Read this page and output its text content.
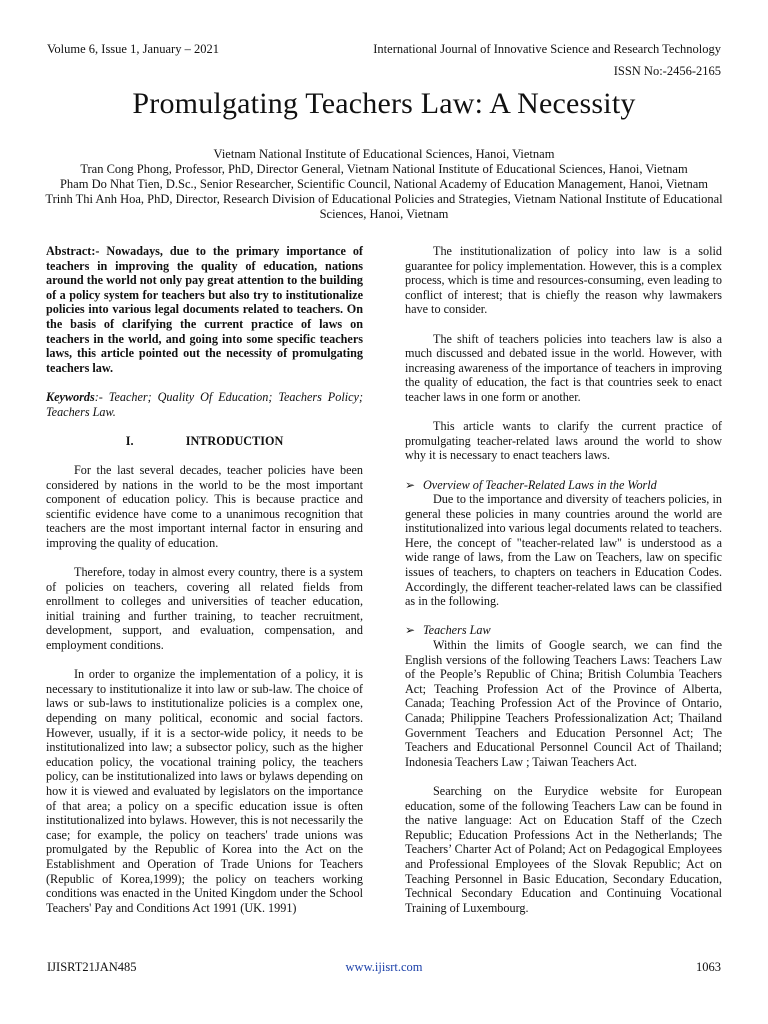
Volume 6, Issue 1, January – 2021	International Journal of Innovative Science and Research Technology
ISSN No:-2456-2165
Promulgating Teachers Law: A Necessity
Vietnam National Institute of Educational Sciences, Hanoi, Vietnam
Tran Cong Phong, Professor, PhD, Director General, Vietnam National Institute of Educational Sciences, Hanoi, Vietnam
Pham Do Nhat Tien, D.Sc., Senior Researcher, Scientific Council, National Academy of Education Management, Hanoi, Vietnam
Trinh Thi Anh Hoa, PhD, Director, Research Division of Educational Policies and Strategies, Vietnam National Institute of Educational Sciences, Hanoi, Vietnam

Abstract:- Nowadays, due to the primary importance of teachers in improving the quality of education, nations around the world not only pay great attention to the building of a policy system for teachers but also try to institutionalize policies into various legal documents related to teachers. On the basis of clarifying the current practice of laws on teachers in the world, and going into some specific teachers laws, this article pointed out the necessity of promulgating teachers law.

Keywords:- Teacher; Quality Of Education; Teachers Policy; Teachers Law.

I.	INTRODUCTION

For the last several decades, teacher policies have been considered by nations in the world to be the most important component of education policy. This is because practice and scientific evidence have come to a unanimous recognition that teachers are the most important internal factor in ensuring and improving the quality of education.

Therefore, today in almost every country, there is a system of policies on teachers, covering all related fields from enrollment to colleges and universities of teacher education, initial training and further training, to teacher recruitment, development, support, and evaluation, compensation, and employment conditions.

In order to organize the implementation of a policy, it is necessary to institutionalize it into law or sub-law. The choice of laws or sub-laws to institutionalize policies is a complex one, depending on many political, economic and social factors. However, usually, if it is a sector-wide policy, it needs to be institutionalized into law; a subsector policy, such as the higher education policy, the vocational training policy, the teachers policy, can be institutionalized into laws or bylaws depending on how it is viewed and evaluated by legislators on the importance of that area; a policy on a specific education issue is often institutionalized into bylaws. However, this is not necessarily the case; for example, the policy on teachers' trade unions was promulgated by the Republic of Korea into the Act on the Establishment and Operation of Trade Unions for Teachers (Republic of Korea,1999); the policy on teachers working conditions was enacted in the United Kingdom under the School Teachers' Pay and Conditions Act 1991 (UK. 1991)

The institutionalization of policy into law is a solid guarantee for policy implementation. However, this is a complex process, which is time and resources-consuming, even leading to conflict of interest; that is chiefly the reason why lawmakers have to consider.

The shift of teachers policies into teachers law is also a much discussed and debated issue in the world. However, with increasing awareness of the importance of teachers in improving the quality of education, the fact is that countries seek to enact teacher laws in one form or another.

This article wants to clarify the current practice of promulgating teacher-related laws around the world to show why it is necessary to enact teachers laws.

➢ Overview of Teacher-Related Laws in the World

Due to the importance and diversity of teachers policies, in general these policies in many countries around the world are institutionalized into various legal documents related to teachers. Here, the concept of "teacher-related law" is understood as a wide range of laws, from the Law on Teachers, law on specific issues of teachers, to chapters on teachers in Education Codes. Accordingly, the different teacher-related laws can be classified as in the following.

➢ Teachers Law

Within the limits of Google search, we can find the English versions of the following Teachers Laws: Teachers Law of the People’s Republic of China; British Columbia Teachers Act; Teaching Profession Act of the Province of Alberta, Canada; Teaching Profession Act of the Province of Ontario, Canada; Philippine Teachers Professionalization Act; Thailand Government Teachers and Education Personnel Act; The Teachers and Educational Personnel Council Act of Thailand; Indonesia Teachers Law ; Taiwan Teachers Act.

Searching on the Eurydice website for European education, some of the following Teachers Law can be found in the native language: Act on Education Staff of the Czech Republic; Education Professions Act in the Netherlands; The Teachers’ Charter Act of Poland; Act on Pedagogical Employees and Professional Employees of the Slovak Republic; Act on Teaching Personnel in Basic Education, Secondary Education, Technical Secondary Education and Continuing Vocational Training of Luxembourg.

IJISRT21JAN485	www.ijisrt.com	1063
